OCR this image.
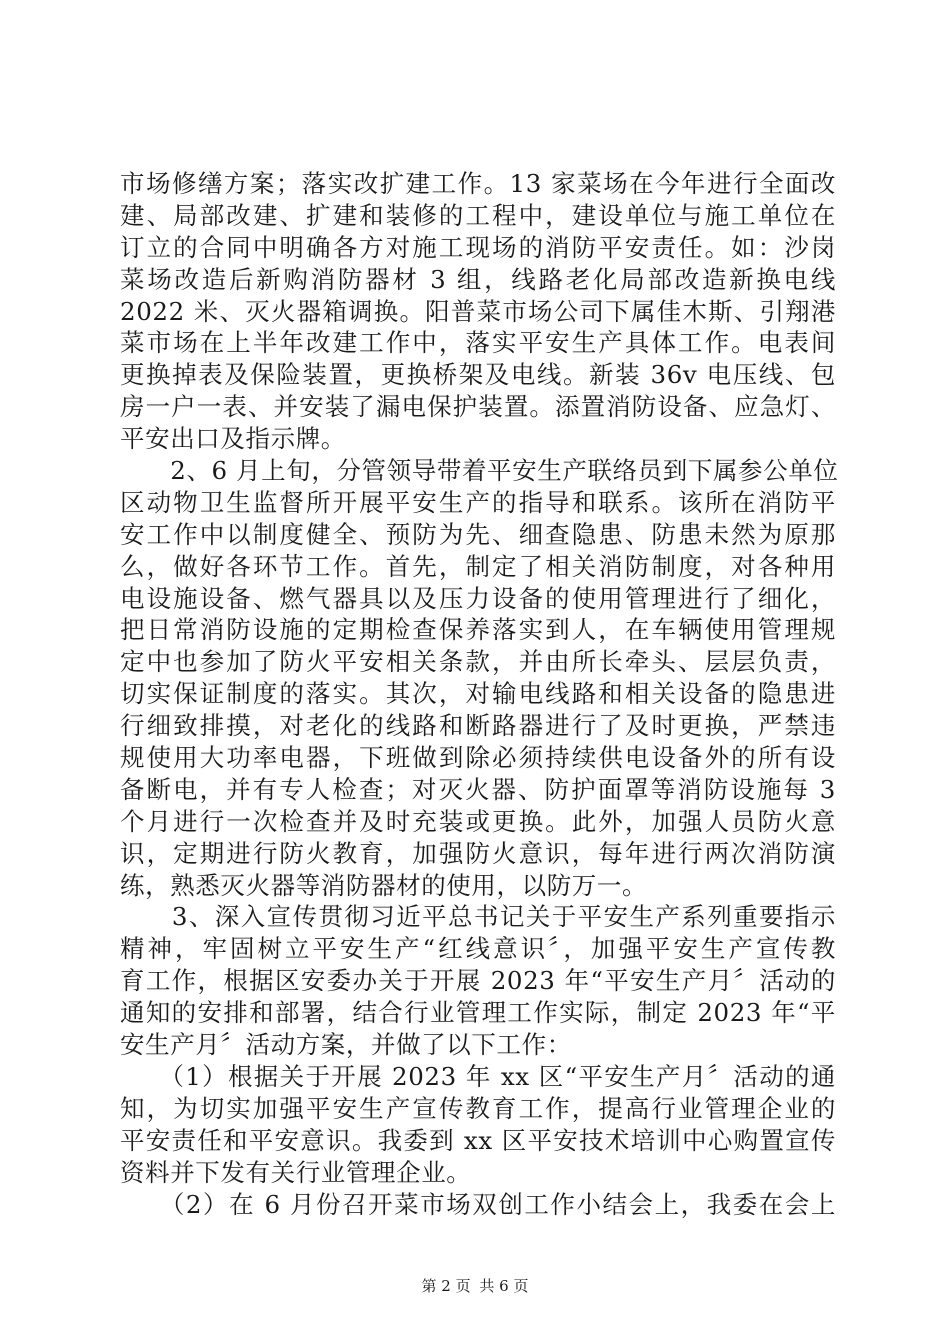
市场修缮方案；落实改扩建工作。13 家菜场在今年进行全面改
建、局部改建、扩建和装修的工程中，建设单位与施工单位在
订立的合同中明确各方对施工现场的消防平安责任。如：沙岗
菜场改造后新购消防器材 3 组，线路老化局部改造新换电线
2022 米、灭火器箱调换。阳普菜市场公司下属佳木斯、引翔港
菜市场在上半年改建工作中，落实平安生产具体工作。电表间
更换掉表及保险装置，更换桥架及电线。新装 36v 电压线、包
房一户一表、并安装了漏电保护装置。添置消防设备、应急灯、
平安出口及指示牌。
　　2、6 月上旬，分管领导带着平安生产联络员到下属参公单位
区动物卫生监督所开展平安生产的指导和联系。该所在消防平
安工作中以制度健全、预防为先、细查隐患、防患未然为原那
么，做好各环节工作。首先，制定了相关消防制度，对各种用
电设施设备、燃气器具以及压力设备的使用管理进行了细化，
把日常消防设施的定期检查保养落实到人，在车辆使用管理规
定中也参加了防火平安相关条款，并由所长牵头、层层负责，
切实保证制度的落实。其次，对输电线路和相关设备的隐患进
行细致排摸，对老化的线路和断路器进行了及时更换，严禁违
规使用大功率电器，下班做到除必须持续供电设备外的所有设
备断电，并有专人检查；对灭火器、防护面罩等消防设施每 3
个月进行一次检查并及时充装或更换。此外，加强人员防火意
识，定期进行防火教育，加强防火意识，每年进行两次消防演
练，熟悉灭火器等消防器材的使用，以防万一。
　　3、深入宣传贯彻习近平总书记关于平安生产系列重要指示
精神，牢固树立平安生产“红线意识〞，加强平安生产宣传教
育工作，根据区安委办关于开展 2023 年“平安生产月〞活动的
通知的安排和部署，结合行业管理工作实际，制定 2023 年“平
安生产月〞活动方案，并做了以下工作：
　　（1）根据关于开展 2023 年 xx 区“平安生产月〞活动的通
知，为切实加强平安生产宣传教育工作，提高行业管理企业的
平安责任和平安意识。我委到 xx 区平安技术培训中心购置宣传
资料并下发有关行业管理企业。
　　（2）在 6 月份召开菜市场双创工作小结会上，我委在会上
第 2 页 共 6 页
